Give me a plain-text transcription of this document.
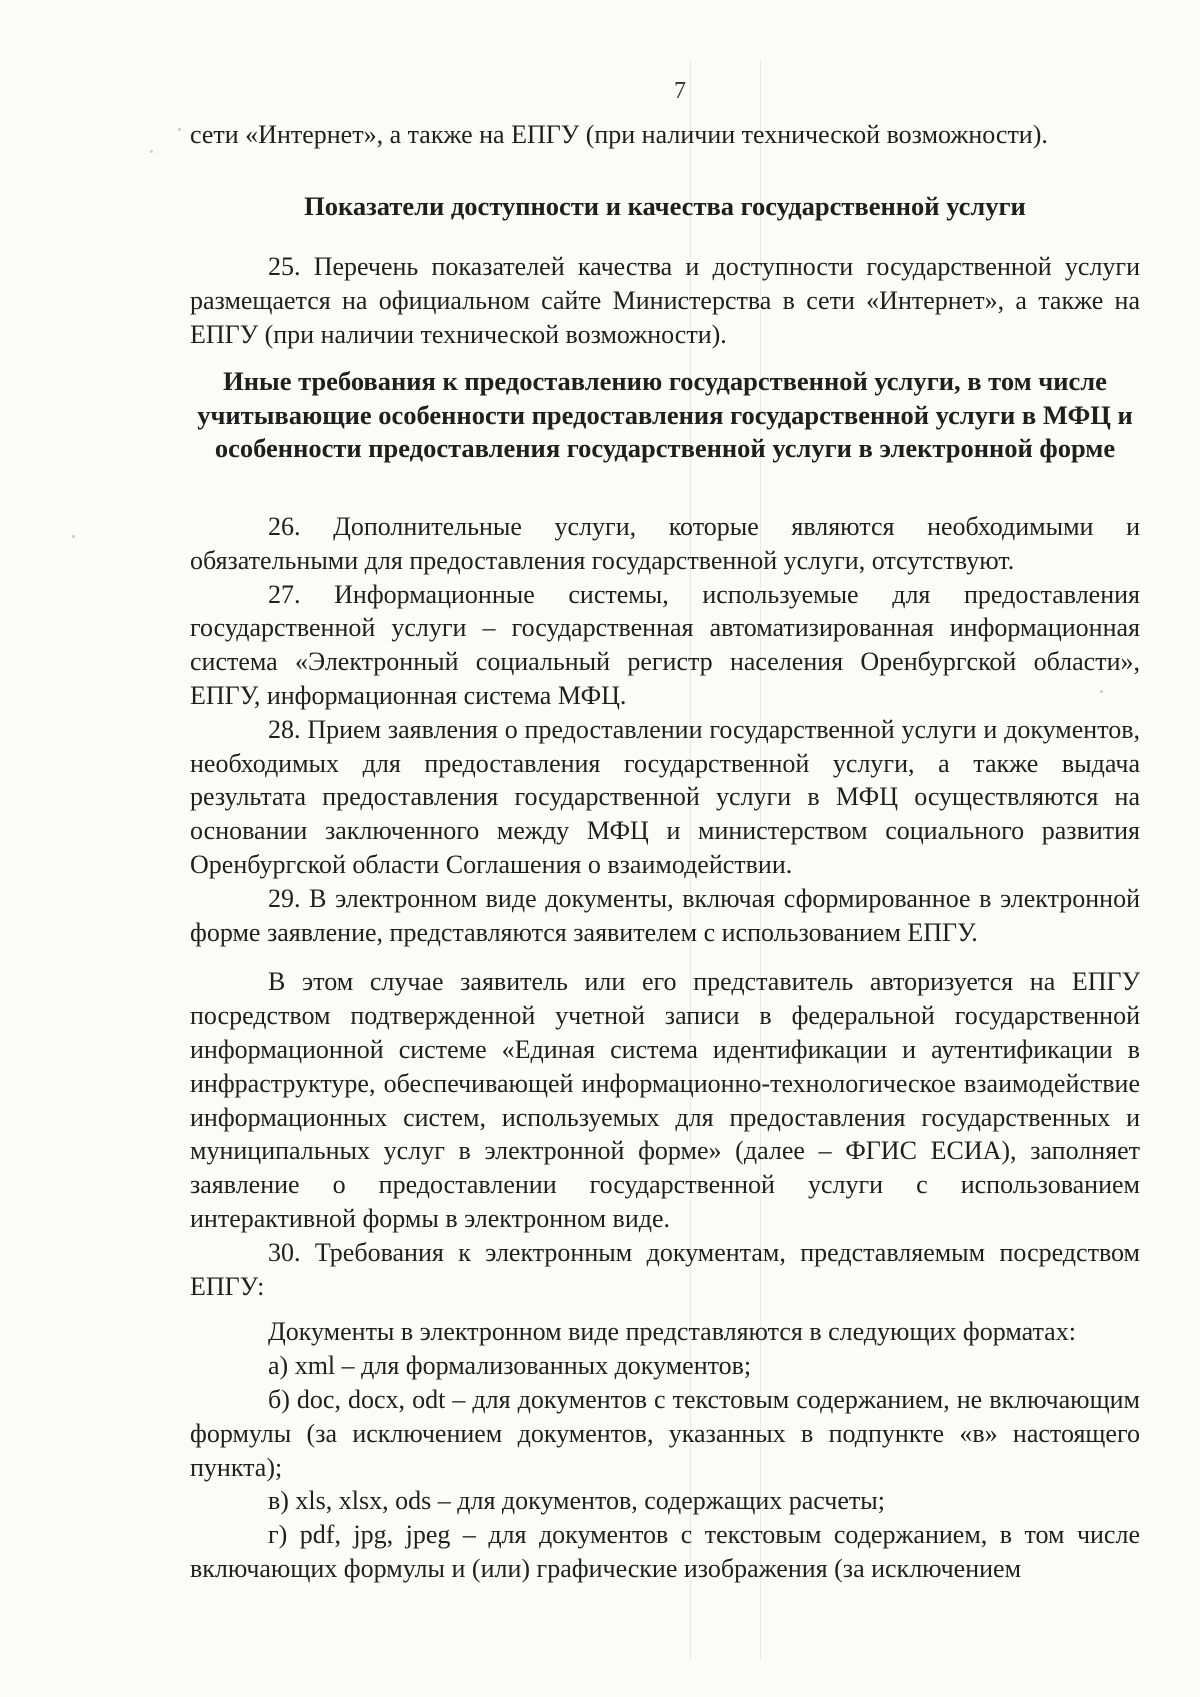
7

сети «Интернет», а также на ЕПГУ (при наличии технической возможности).

Показатели доступности и качества государственной услуги

25. Перечень показателей качества и доступности государственной услуги размещается на официальном сайте Министерства в сети «Интернет», а также на ЕПГУ (при наличии технической возможности).

Иные требования к предоставлению государственной услуги, в том числе учитывающие особенности предоставления государственной услуги в МФЦ и особенности предоставления государственной услуги в электронной форме

26. Дополнительные услуги, которые являются необходимыми и обязательными для предоставления государственной услуги, отсутствуют.

27. Информационные системы, используемые для предоставления государственной услуги – государственная автоматизированная информационная система «Электронный социальный регистр населения Оренбургской области», ЕПГУ, информационная система МФЦ.

28. Прием заявления о предоставлении государственной услуги и документов, необходимых для предоставления государственной услуги, а также выдача результата предоставления государственной услуги в МФЦ осуществляются на основании заключенного между МФЦ и министерством социального развития Оренбургской области Соглашения о взаимодействии.

29. В электронном виде документы, включая сформированное в электронной форме заявление, представляются заявителем с использованием ЕПГУ.

В этом случае заявитель или его представитель авторизуется на ЕПГУ посредством подтвержденной учетной записи в федеральной государственной информационной системе «Единая система идентификации и аутентификации в инфраструктуре, обеспечивающей информационно-технологическое взаимодействие информационных систем, используемых для предоставления государственных и муниципальных услуг в электронной форме» (далее – ФГИС ЕСИА), заполняет заявление о предоставлении государственной услуги с использованием интерактивной формы в электронном виде.

30. Требования к электронным документам, представляемым посредством ЕПГУ:

Документы в электронном виде представляются в следующих форматах:

а) xml – для формализованных документов;

б) doc, docx, odt – для документов с текстовым содержанием, не включающим формулы (за исключением документов, указанных в подпункте «в» настоящего пункта);

в) xls, xlsx, ods – для документов, содержащих расчеты;

г) pdf, jpg, jpeg – для документов с текстовым содержанием, в том числе включающих формулы и (или) графические изображения (за исключением
